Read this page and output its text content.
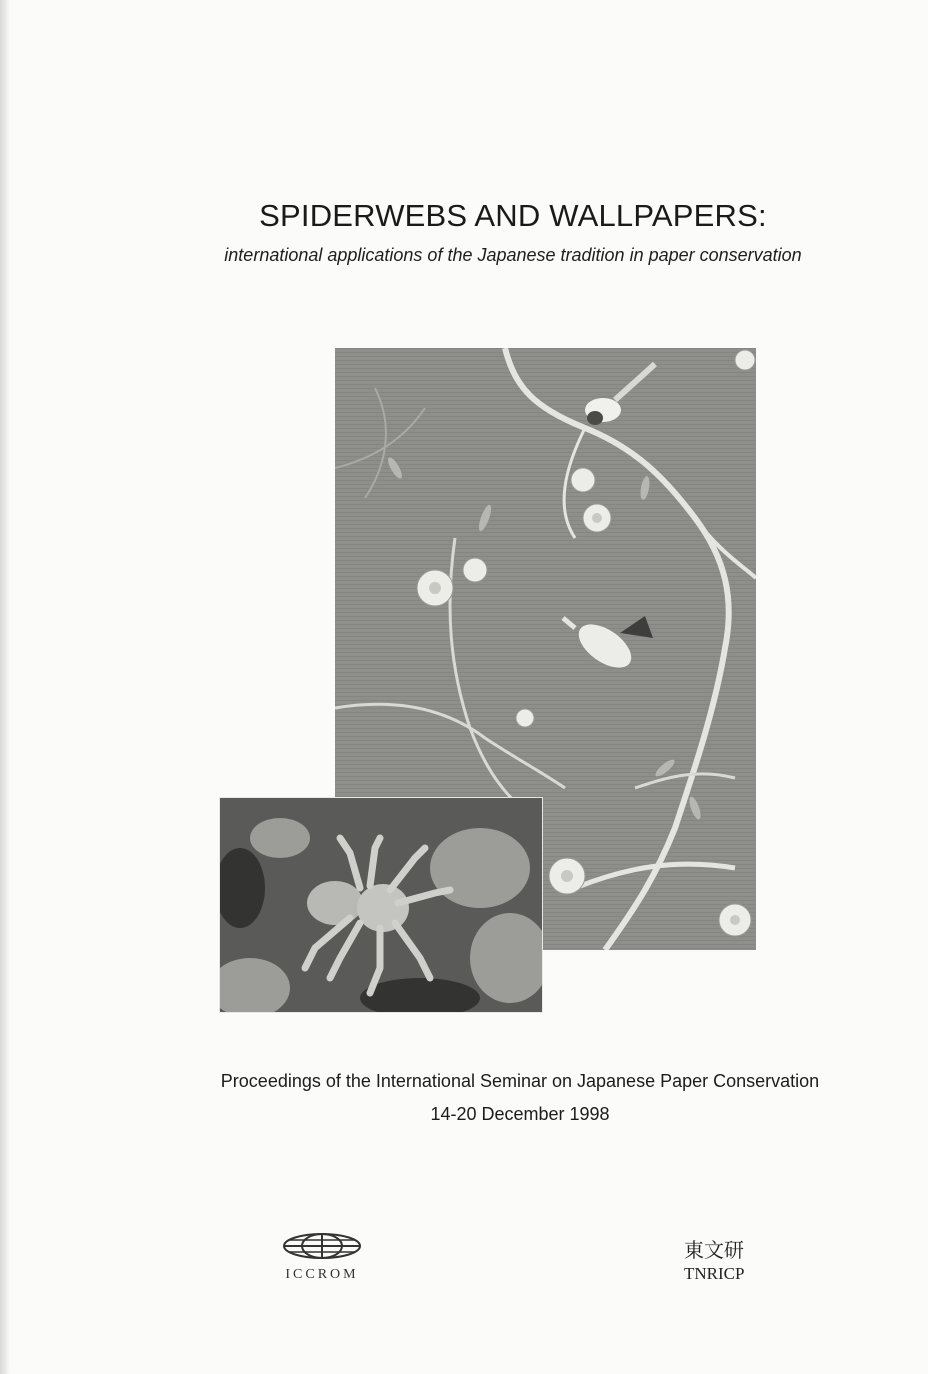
SPIDERWEBS AND WALLPAPERS:
international applications of the Japanese tradition in paper conservation
Proceedings of the International Seminar on Japanese Paper Conservation
14-20 December 1998
ICCROM
東文研
TNRICP
